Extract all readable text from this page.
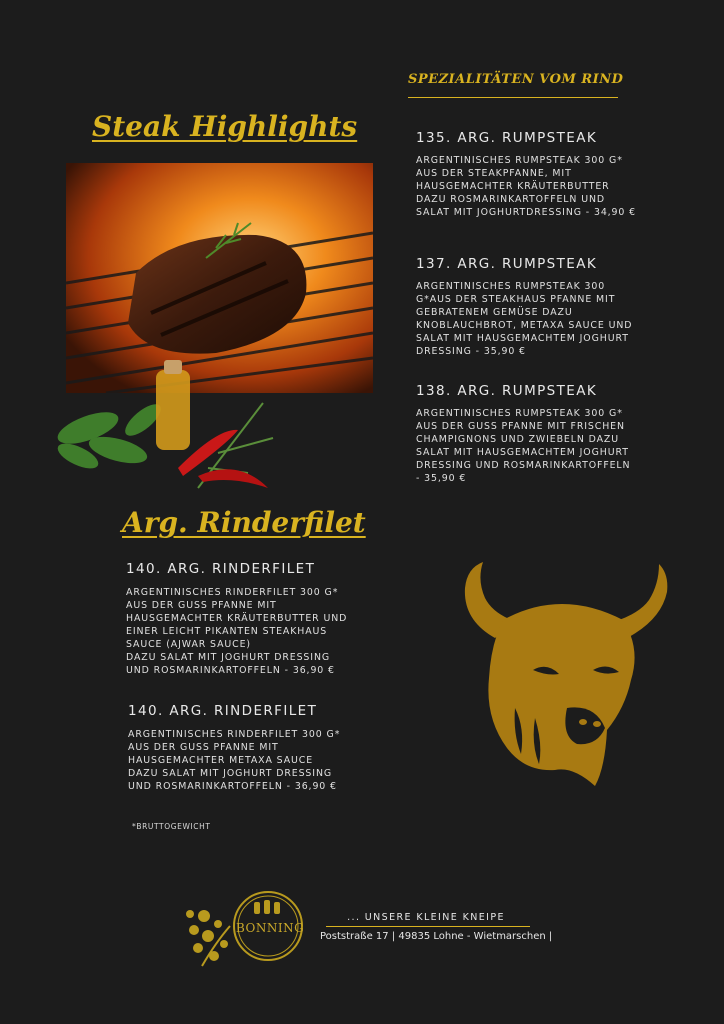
SPEZIALITÄTEN VOM RIND
Steak Highlights	135. ARG. RUMPSTEAK
ARGENTINISCHES RUMPSTEAK 300 G*
AUS DER STEAKPFANNE, MIT
HAUSGEMACHTER KRÄUTERBUTTER
DAZU ROSMARINKARTOFFELN UND
SALAT MIT JOGHURTDRESSING - 34,90 €
137. ARG. RUMPSTEAK
ARGENTINISCHES RUMPSTEAK 300
G*AUS DER STEAKHAUS PFANNE MIT
GEBRATENEM GEMÜSE DAZU
KNOBLAUCHBROT, METAXA SAUCE UND
SALAT MIT HAUSGEMACHTEM JOGHURT
DRESSING - 35,90 €
138. ARG. RUMPSTEAK
ARGENTINISCHES RUMPSTEAK 300 G*
AUS DER GUSS PFANNE MIT FRISCHEN
CHAMPIGNONS UND ZWIEBELN DAZU
SALAT MIT HAUSGEMACHTEM JOGHURT
DRESSING UND ROSMARINKARTOFFELN
- 35,90 €
Arg. Rinderfilet
140. ARG. RINDERFILET
ARGENTINISCHES RINDERFILET 300 G*
AUS DER GUSS PFANNE MIT
HAUSGEMACHTER KRÄUTERBUTTER UND
EINER LEICHT PIKANTEN STEAKHAUS
SAUCE (AJWAR SAUCE)
DAZU SALAT MIT JOGHURT DRESSING
UND ROSMARINKARTOFFELN - 36,90 €
140. ARG. RINDERFILET
ARGENTINISCHES RINDERFILET 300 G*
AUS DER GUSS PFANNE MIT
HAUSGEMACHTER METAXA SAUCE
DAZU SALAT MIT JOGHURT DRESSING
UND ROSMARINKARTOFFELN - 36,90 €
*BRUTTOGEWICHT
BONNING
... UNSERE KLEINE KNEIPE
Poststraße 17 | 49835 Lohne - Wietmarschen |
